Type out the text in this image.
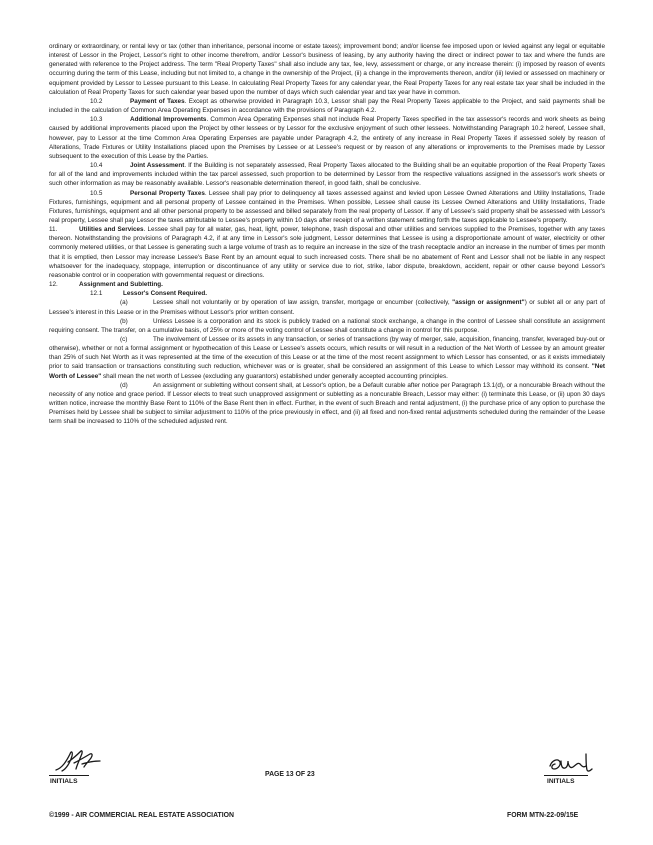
ordinary or extraordinary, or rental levy or tax (other than inheritance, personal income or estate taxes); improvement bond; and/or license fee imposed upon or levied against any legal or equitable interest of Lessor in the Project, Lessor's right to other income therefrom, and/or Lessor's business of leasing, by any authority having the direct or indirect power to tax and where the funds are generated with reference to the Project address. The term "Real Property Taxes" shall also include any tax, fee, levy, assessment or charge, or any increase therein: (i) imposed by reason of events occurring during the term of this Lease, including but not limited to, a change in the ownership of the Project, (ii) a change in the improvements thereon, and/or (iii) levied or assessed on machinery or equipment provided by Lessor to Lessee pursuant to this Lease. In calculating Real Property Taxes for any calendar year, the Real Property Taxes for any real estate tax year shall be included in the calculation of Real Property Taxes for such calendar year based upon the number of days which such calendar year and tax year have in common.

10.2	Payment of Taxes. Except as otherwise provided in Paragraph 10.3, Lessor shall pay the Real Property Taxes applicable to the Project, and said payments shall be included in the calculation of Common Area Operating Expenses in accordance with the provisions of Paragraph 4.2.

10.3	Additional Improvements. Common Area Operating Expenses shall not include Real Property Taxes specified in the tax assessor's records and work sheets as being caused by additional improvements placed upon the Project by other lessees or by Lessor for the exclusive enjoyment of such other lessees. Notwithstanding Paragraph 10.2 hereof, Lessee shall, however, pay to Lessor at the time Common Area Operating Expenses are payable under Paragraph 4.2, the entirety of any increase in Real Property Taxes if assessed solely by reason of Alterations, Trade Fixtures or Utility Installations placed upon the Premises by Lessee or at Lessee's request or by reason of any alterations or improvements to the Premises made by Lessor subsequent to the execution of this Lease by the Parties.

10.4	Joint Assessment. If the Building is not separately assessed, Real Property Taxes allocated to the Building shall be an equitable proportion of the Real Property Taxes for all of the land and improvements included within the tax parcel assessed, such proportion to be determined by Lessor from the respective valuations assigned in the assessor's work sheets or such other information as may be reasonably available. Lessor's reasonable determination thereof, in good faith, shall be conclusive.

10.5	Personal Property Taxes. Lessee shall pay prior to delinquency all taxes assessed against and levied upon Lessee Owned Alterations and Utility Installations, Trade Fixtures, furnishings, equipment and all personal property of Lessee contained in the Premises. When possible, Lessee shall cause its Lessee Owned Alterations and Utility Installations, Trade Fixtures, furnishings, equipment and all other personal property to be assessed and billed separately from the real property of Lessor. If any of Lessee's said property shall be assessed with Lessor's real property, Lessee shall pay Lessor the taxes attributable to Lessee's property within 10 days after receipt of a written statement setting forth the taxes applicable to Lessee's property.

11.	Utilities and Services. Lessee shall pay for all water, gas, heat, light, power, telephone, trash disposal and other utilities and services supplied to the Premises, together with any taxes thereon. Notwithstanding the provisions of Paragraph 4.2, if at any time in Lessor's sole judgment, Lessor determines that Lessee is using a disproportionate amount of water, electricity or other commonly metered utilities, or that Lessee is generating such a large volume of trash as to require an increase in the size of the trash receptacle and/or an increase in the number of times per month that it is emptied, then Lessor may increase Lessee's Base Rent by an amount equal to such increased costs. There shall be no abatement of Rent and Lessor shall not be liable in any respect whatsoever for the inadequacy, stoppage, interruption or discontinuance of any utility or service due to riot, strike, labor dispute, breakdown, accident, repair or other cause beyond Lessor's reasonable control or in cooperation with governmental request or directions.

12.	Assignment and Subletting.

12.1	Lessor's Consent Required.

(a)	Lessee shall not voluntarily or by operation of law assign, transfer, mortgage or encumber (collectively, "assign or assignment") or sublet all or any part of Lessee's interest in this Lease or in the Premises without Lessor's prior written consent.

(b)	Unless Lessee is a corporation and its stock is publicly traded on a national stock exchange, a change in the control of Lessee shall constitute an assignment requiring consent. The transfer, on a cumulative basis, of 25% or more of the voting control of Lessee shall constitute a change in control for this purpose.

(c)	The involvement of Lessee or its assets in any transaction, or series of transactions (by way of merger, sale, acquisition, financing, transfer, leveraged buy-out or otherwise), whether or not a formal assignment or hypothecation of this Lease or Lessee's assets occurs, which results or will result in a reduction of the Net Worth of Lessee by an amount greater than 25% of such Net Worth as it was represented at the time of the execution of this Lease or at the time of the most recent assignment to which Lessor has consented, or as it exists immediately prior to said transaction or transactions constituting such reduction, whichever was or is greater, shall be considered an assignment of this Lease to which Lessor may withhold its consent. "Net Worth of Lessee" shall mean the net worth of Lessee (excluding any guarantors) established under generally accepted accounting principles.

(d)	An assignment or subletting without consent shall, at Lessor's option, be a Default curable after notice per Paragraph 13.1(d), or a noncurable Breach without the necessity of any notice and grace period. If Lessor elects to treat such unapproved assignment or subletting as a noncurable Breach, Lessor may either: (i) terminate this Lease, or (ii) upon 30 days written notice, increase the monthly Base Rent to 110% of the Base Rent then in effect. Further, in the event of such Breach and rental adjustment, (i) the purchase price of any option to purchase the Premises held by Lessee shall be subject to similar adjustment to 110% of the price previously in effect, and (ii) all fixed and non-fixed rental adjustments scheduled during the remainder of the Lease term shall be increased to 110% of the scheduled adjusted rent.

INITIALS
PAGE 13 OF 23
INITIALS
©1999 - AIR COMMERCIAL REAL ESTATE ASSOCIATION	FORM MTN-22-09/15E
